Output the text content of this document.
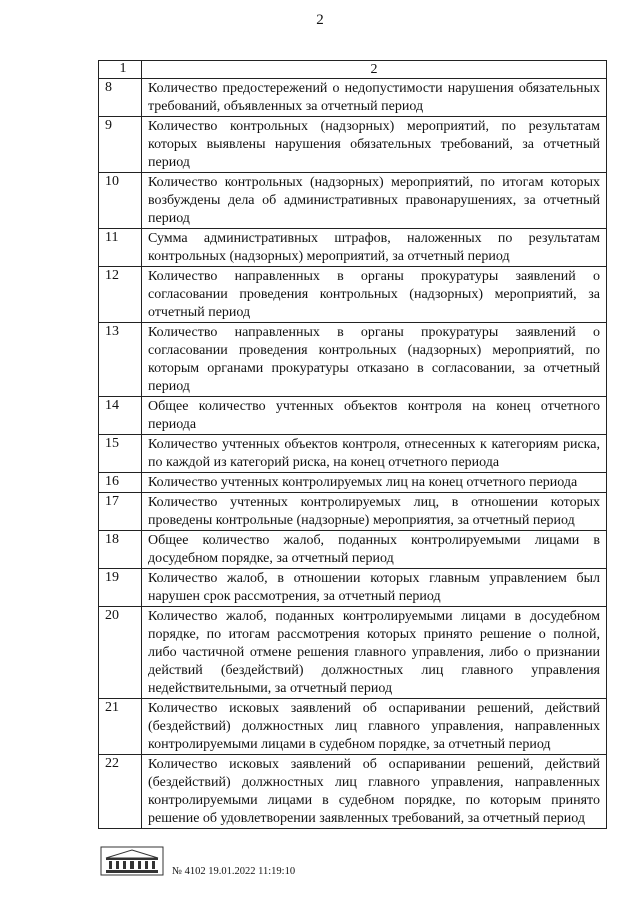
2
1	2
8	Количество предостережений о недопустимости нарушения обязательных требований, объявленных за отчетный период
9	Количество контрольных (надзорных) мероприятий, по результатам которых выявлены нарушения обязательных требований, за отчетный период
10	Количество контрольных (надзорных) мероприятий, по итогам которых возбуждены дела об административных правонарушениях, за отчетный период
11	Сумма административных штрафов, наложенных по результатам контрольных (надзорных) мероприятий, за отчетный период
12	Количество направленных в органы прокуратуры заявлений о согласовании проведения контрольных (надзорных) мероприятий, за отчетный период
13	Количество направленных в органы прокуратуры заявлений о согласовании проведения контрольных (надзорных) мероприятий, по которым органами прокуратуры отказано в согласовании, за отчетный период
14	Общее количество учтенных объектов контроля на конец отчетного периода
15	Количество учтенных объектов контроля, отнесенных к категориям риска, по каждой из категорий риска, на конец отчетного периода
16	Количество учтенных контролируемых лиц на конец отчетного периода
17	Количество учтенных контролируемых лиц, в отношении которых проведены контрольные (надзорные) мероприятия, за отчетный период
18	Общее количество жалоб, поданных контролируемыми лицами в досудебном порядке, за отчетный период
19	Количество жалоб, в отношении которых главным управлением был нарушен срок рассмотрения, за отчетный период
20	Количество жалоб, поданных контролируемыми лицами в досудебном порядке, по итогам рассмотрения которых принято решение о полной, либо частичной отмене решения главного управления, либо о признании действий (бездействий) должностных лиц главного управления недействительными, за отчетный период
21	Количество исковых заявлений об оспаривании решений, действий (бездействий) должностных лиц главного управления, направленных контролируемыми лицами в судебном порядке, за отчетный период
22	Количество исковых заявлений об оспаривании решений, действий (бездействий) должностных лиц главного управления, направленных контролируемыми лицами в судебном порядке, по которым принято решение об удовлетворении заявленных требований, за отчетный период
№ 4102 19.01.2022 11:19:10
